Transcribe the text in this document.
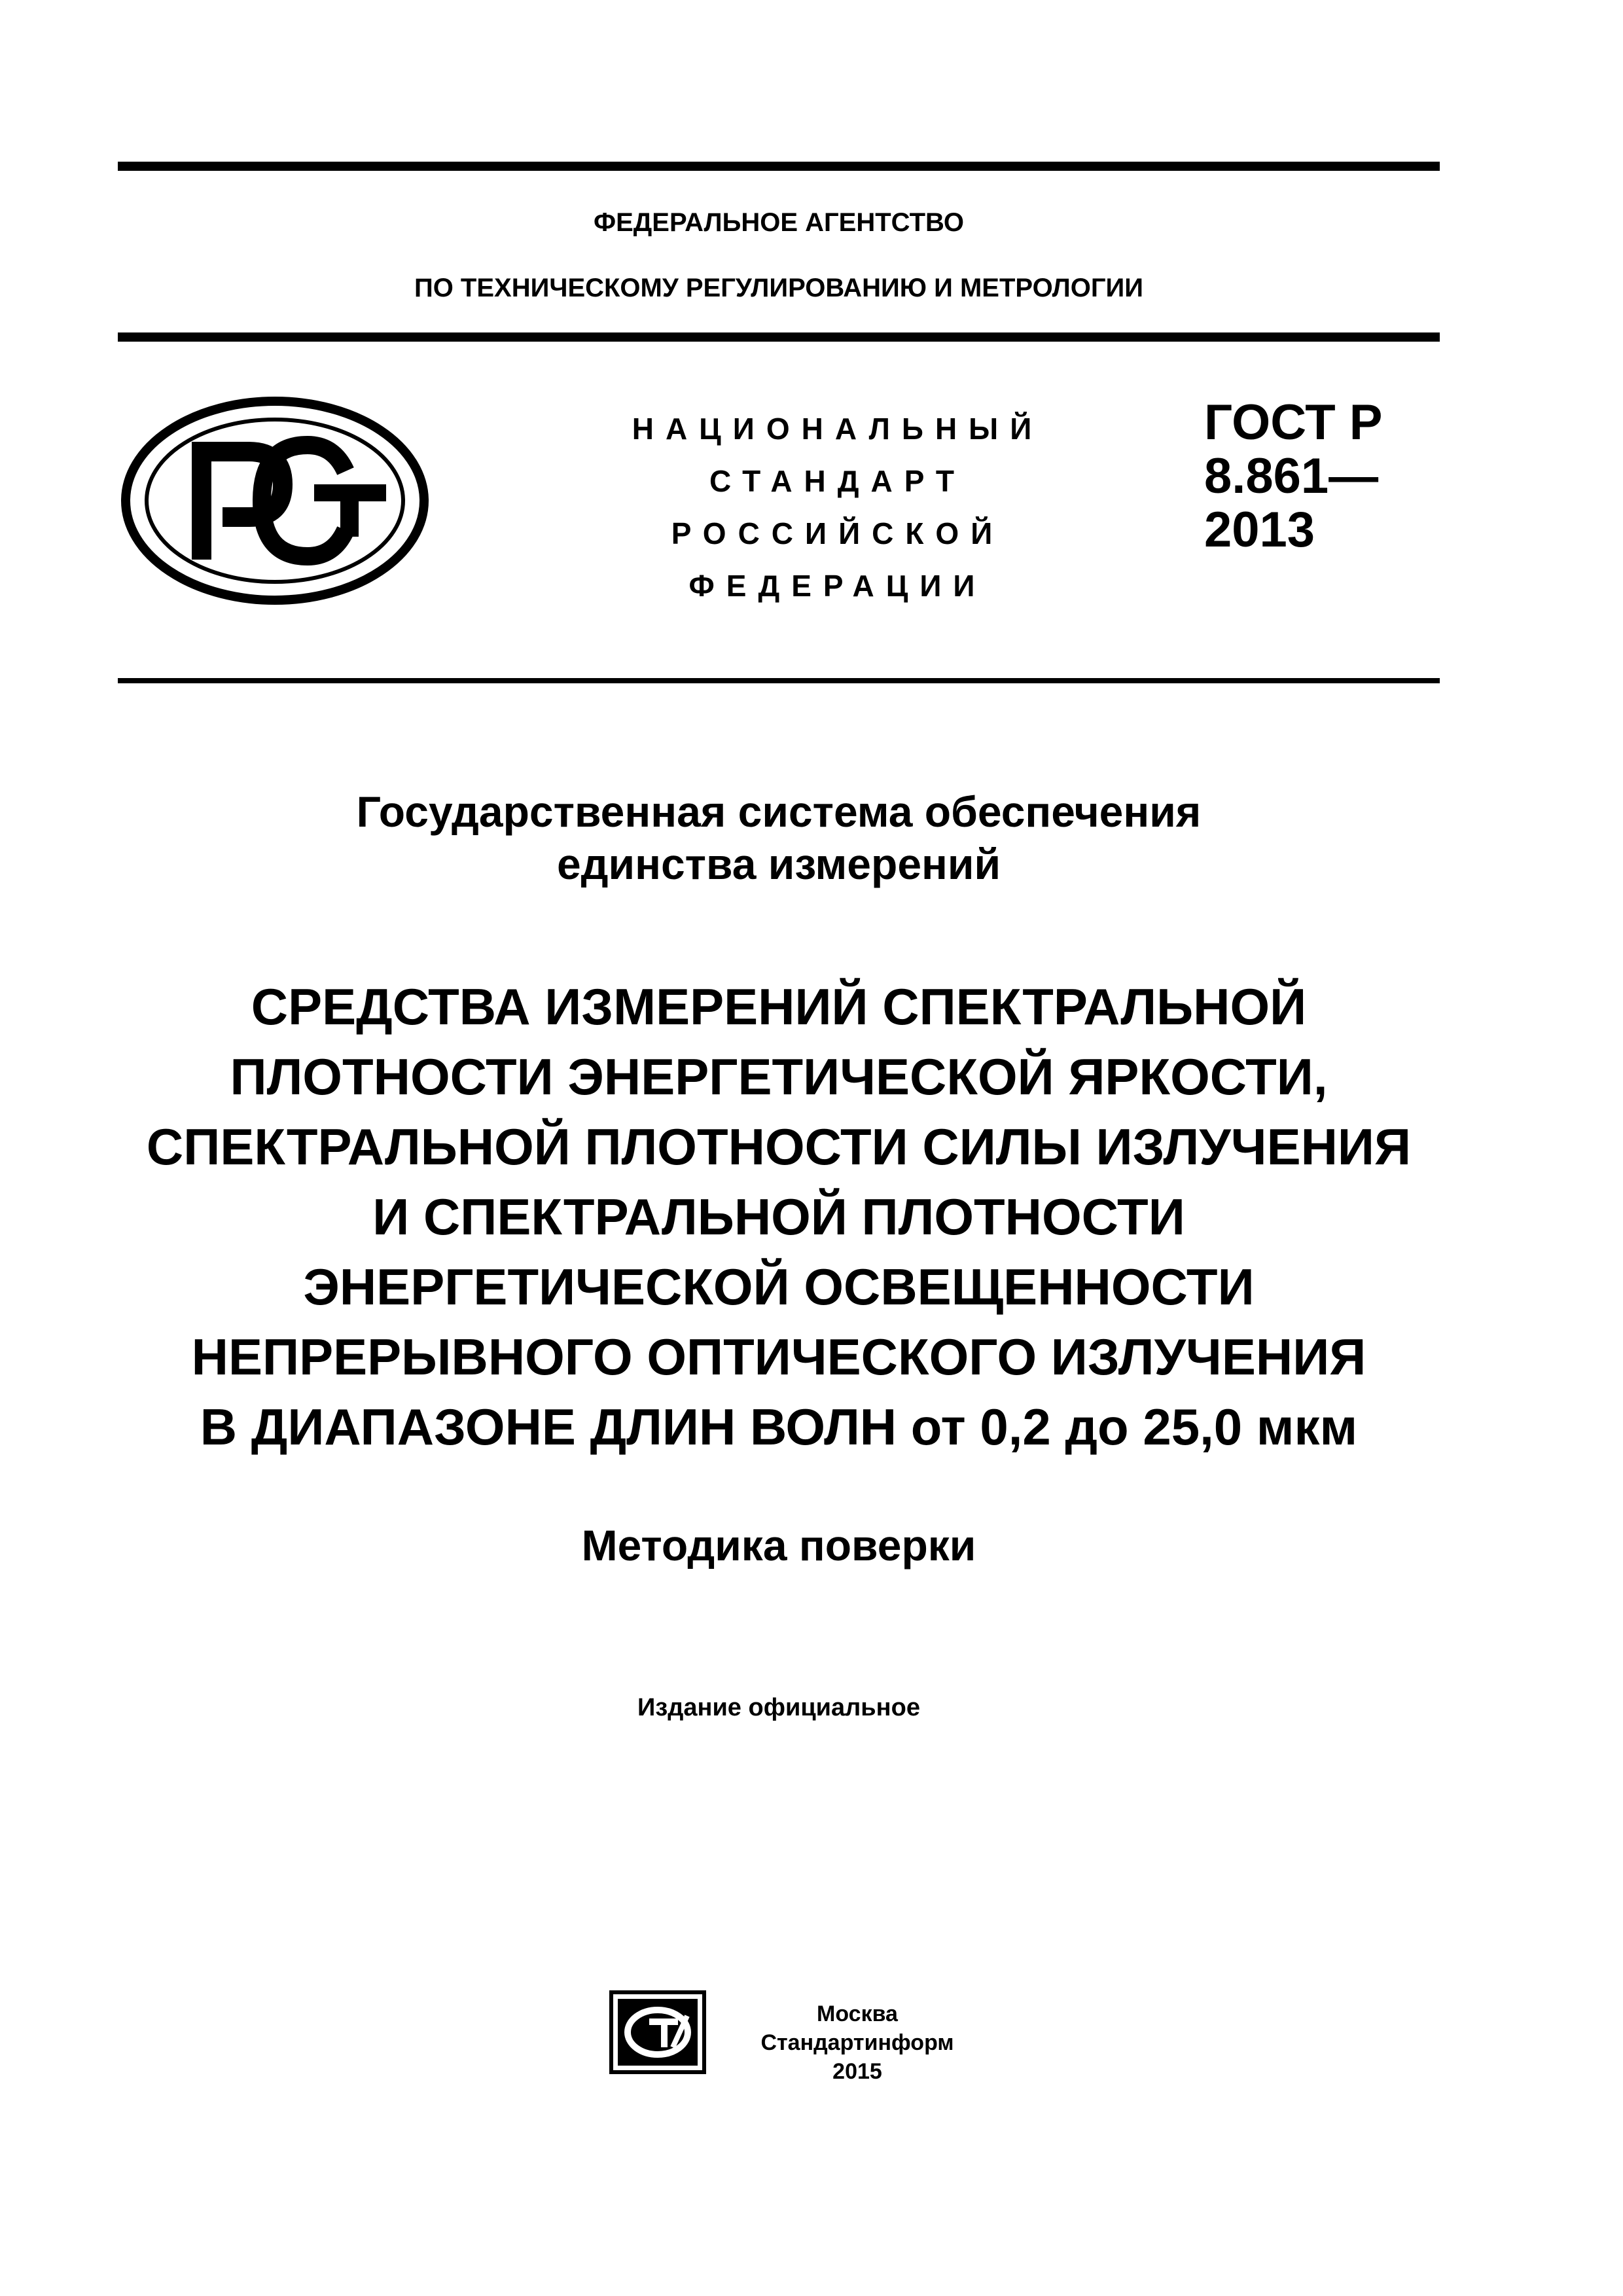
ФЕДЕРАЛЬНОЕ АГЕНТСТВО
ПО ТЕХНИЧЕСКОМУ РЕГУЛИРОВАНИЮ И МЕТРОЛОГИИ
НАЦИОНАЛЬНЫЙ
СТАНДАРТ
РОССИЙСКОЙ
ФЕДЕРАЦИИ
ГОСТ Р
8.861—
2013
Государственная система обеспечения
единства измерений
СРЕДСТВА ИЗМЕРЕНИЙ СПЕКТРАЛЬНОЙ
ПЛОТНОСТИ ЭНЕРГЕТИЧЕСКОЙ ЯРКОСТИ,
СПЕКТРАЛЬНОЙ ПЛОТНОСТИ СИЛЫ ИЗЛУЧЕНИЯ
И СПЕКТРАЛЬНОЙ ПЛОТНОСТИ
ЭНЕРГЕТИЧЕСКОЙ ОСВЕЩЕННОСТИ
НЕПРЕРЫВНОГО ОПТИЧЕСКОГО ИЗЛУЧЕНИЯ
В ДИАПАЗОНЕ ДЛИН ВОЛН от 0,2 до 25,0 мкм
Методика поверки
Издание официальное
Москва
Стандартинформ
2015
